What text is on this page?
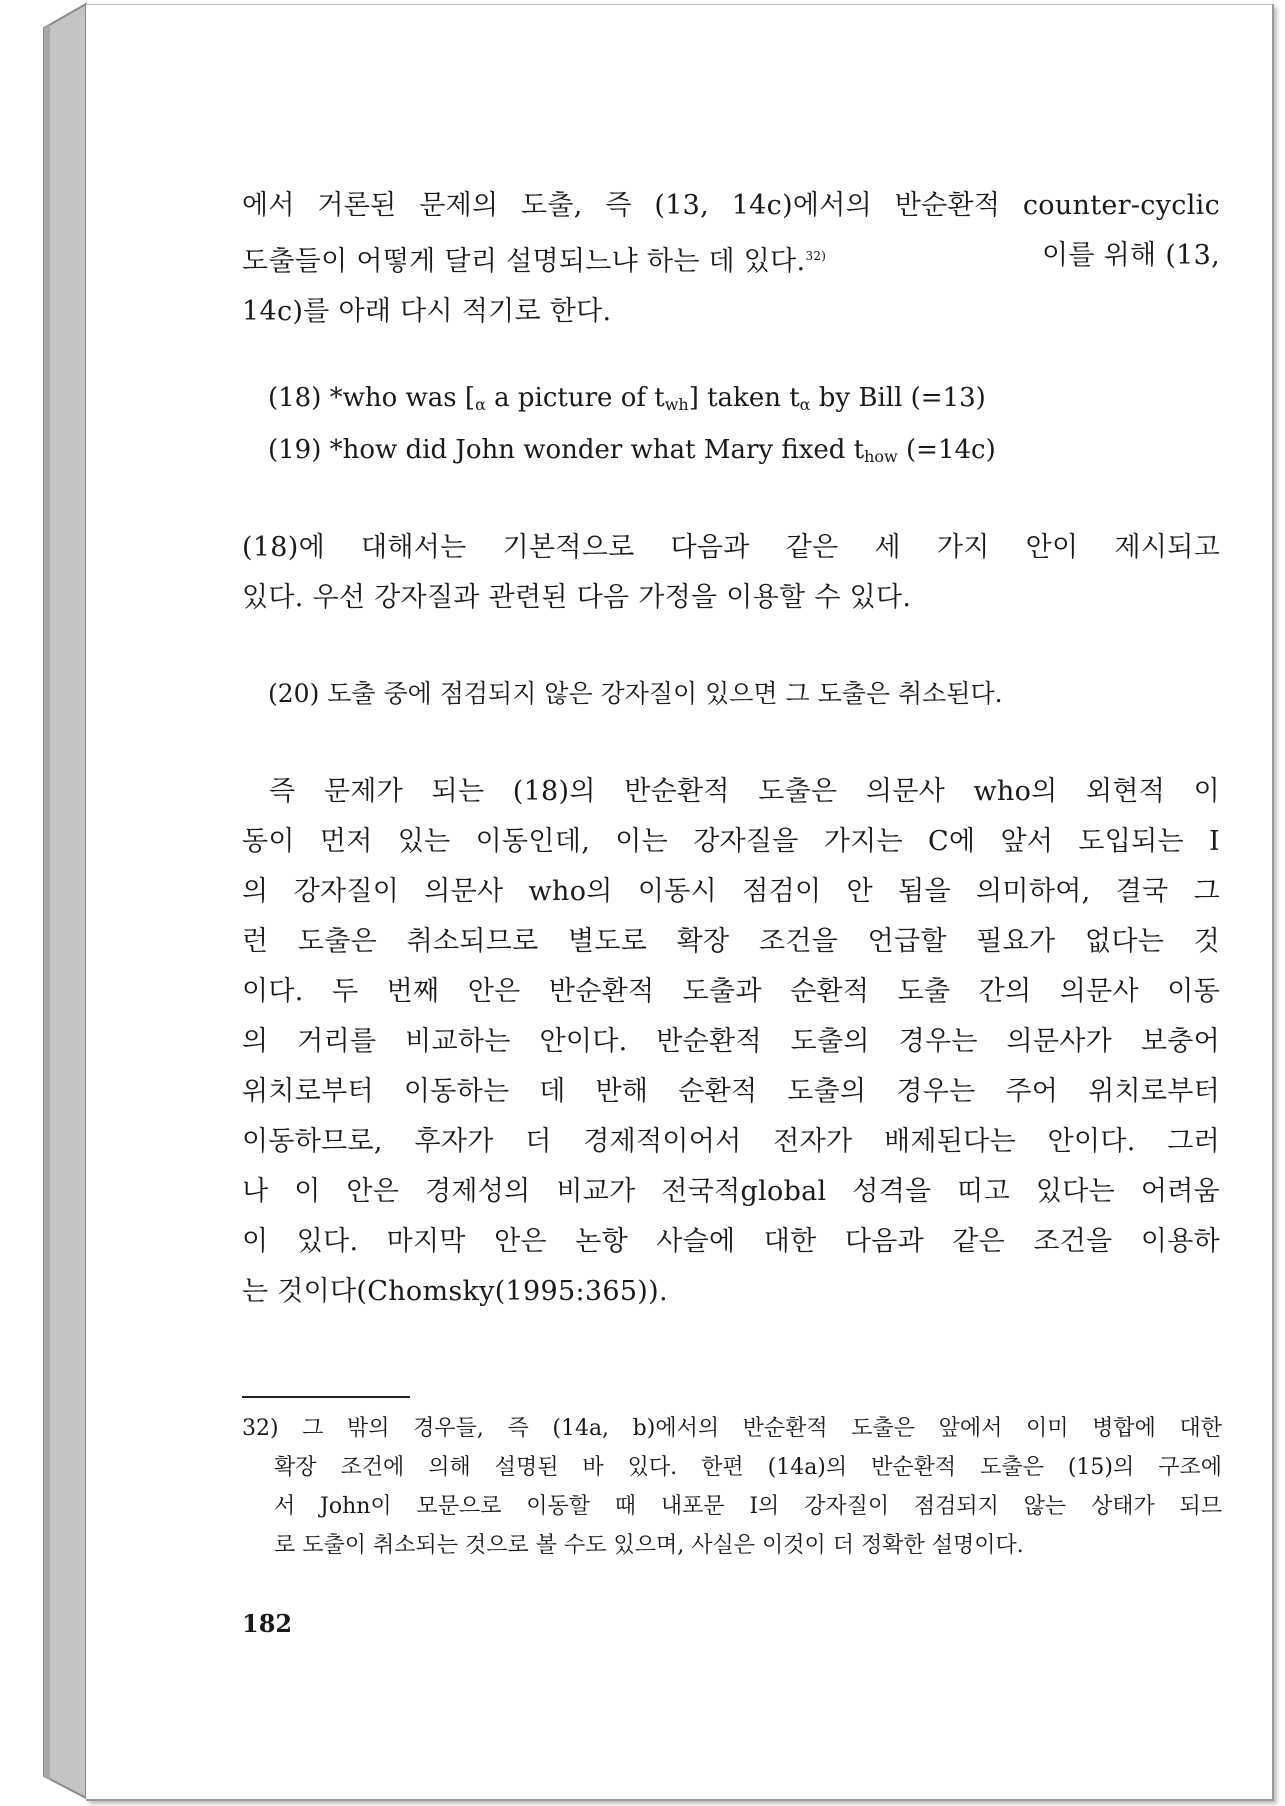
에서 거론된 문제의 도출, 즉 (13, 14c)에서의 반순환적 counter-cyclic
도출들이 어떻게 달리 설명되느냐 하는 데 있다.$^{32)}$	이를 위해 (13,
14c)를 아래 다시 적기로 한다.
(18) *who was [$_\alpha$ a picture of $t_{wh}$] taken $t_\alpha$ by Bill (=13)
(19) *how did John wonder what Mary fixed $t_{how}$ (=14c)
(18)에 대해서는 기본적으로 다음과 같은 세 가지 안이 제시되고
있다. 우선 강자질과 관련된 다음 가정을 이용할 수 있다.
(20) 도출 중에 점검되지 않은 강자질이 있으면 그 도출은 취소된다.
즉 문제가 되는 (18)의 반순환적 도출은 의문사 who의 외현적 이
동이 먼저 있는 이동인데, 이는 강자질을 가지는 C에 앞서 도입되는 I
의 강자질이 의문사 who의 이동시 점검이 안 됨을 의미하여, 결국 그
런 도출은 취소되므로 별도로 확장 조건을 언급할 필요가 없다는 것
이다. 두 번째 안은 반순환적 도출과 순환적 도출 간의 의문사 이동
의 거리를 비교하는 안이다. 반순환적 도출의 경우는 의문사가 보충어
위치로부터 이동하는 데 반해 순환적 도출의 경우는 주어 위치로부터
이동하므로, 후자가 더 경제적이어서 전자가 배제된다는 안이다. 그러
나 이 안은 경제성의 비교가 전국적global 성격을 띠고 있다는 어려움
이 있다. 마지막 안은 논항 사슬에 대한 다음과 같은 조건을 이용하
는 것이다(Chomsky(1995:365)).
32) 그 밖의 경우들, 즉 (14a, b)에서의 반순환적 도출은 앞에서 이미 병합에 대한
확장 조건에 의해 설명된 바 있다. 한편 (14a)의 반순환적 도출은 (15)의 구조에
서 John이 모문으로 이동할 때 내포문 I의 강자질이 점검되지 않는 상태가 되므
로 도출이 취소되는 것으로 볼 수도 있으며, 사실은 이것이 더 정확한 설명이다.
182
